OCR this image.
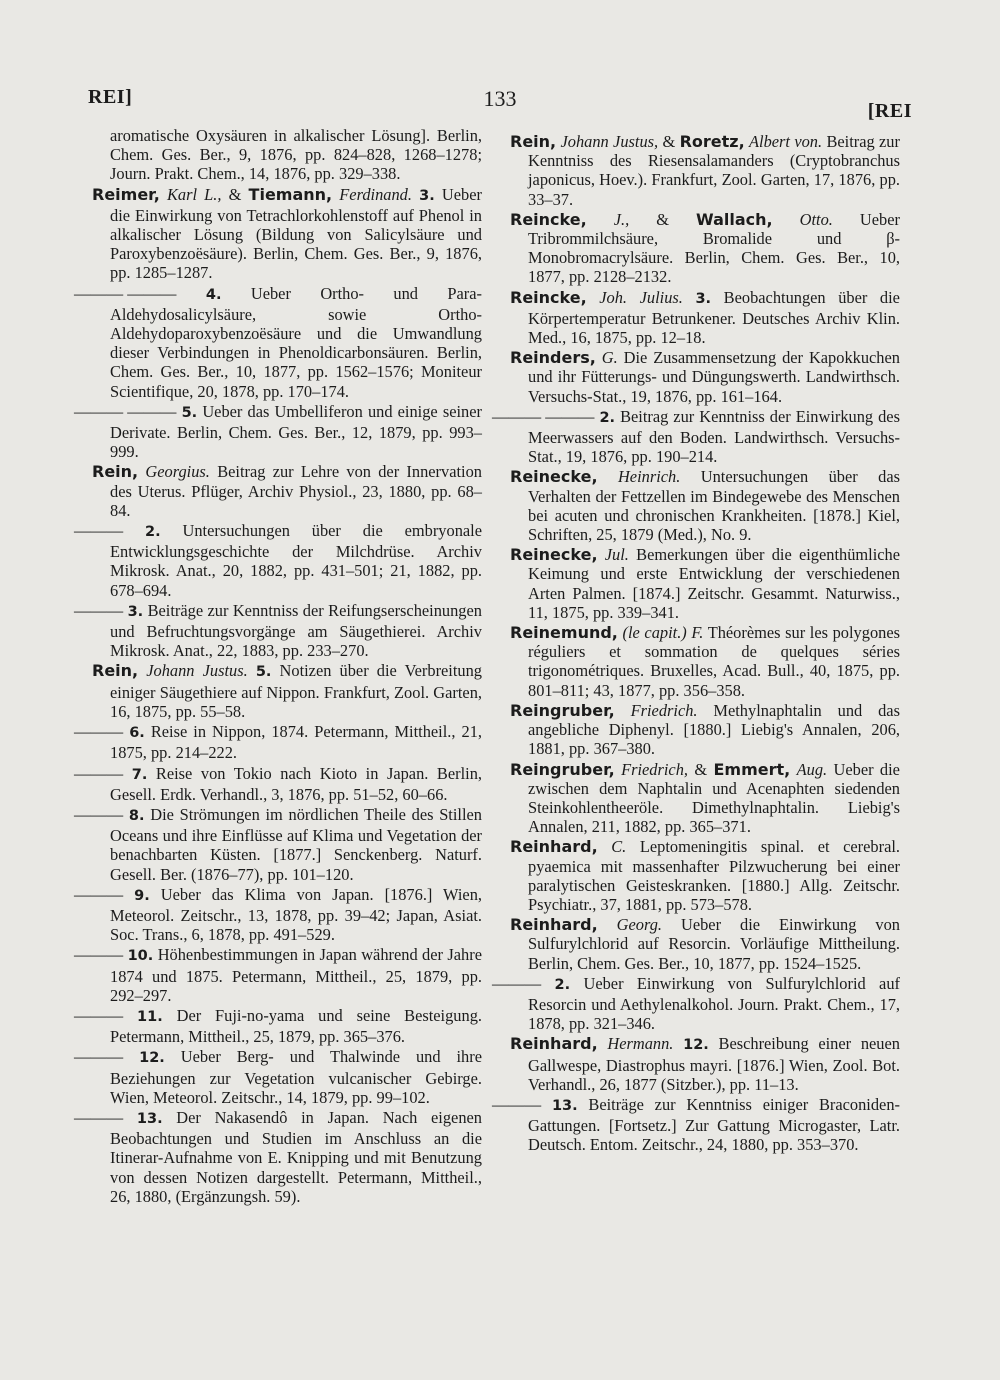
REI]	133	[REI
aromatische Oxysäuren in alkalischer Lösung]. Berlin, Chem. Ges. Ber., 9, 1876, pp. 824–828, 1268–1278; Journ. Prakt. Chem., 14, 1876, pp. 329–338.
Reimer, Karl L., & Tiemann, Ferdinand. 3. Ueber die Einwirkung von Tetrachlorkohlenstoff auf Phenol in alkalischer Lösung (Bildung von Salicylsäure und Paroxybenzoësäure). Berlin, Chem. Ges. Ber., 9, 1876, pp. 1285–1287.
——— ——— 4. Ueber Ortho- und Para-Aldehydosalicylsäure, sowie Ortho-Aldehydoparoxybenzoësäure und die Umwandlung dieser Verbindungen in Phenoldicarbonsäuren. Berlin, Chem. Ges. Ber., 10, 1877, pp. 1562–1576; Moniteur Scientifique, 20, 1878, pp. 170–174.
——— ——— 5. Ueber das Umbelliferon und einige seiner Derivate. Berlin, Chem. Ges. Ber., 12, 1879, pp. 993–999.
Rein, Georgius. Beitrag zur Lehre von der Innervation des Uterus. Pflüger, Archiv Physiol., 23, 1880, pp. 68–84.
——— 2. Untersuchungen über die embryonale Entwicklungsgeschichte der Milchdrüse. Archiv Mikrosk. Anat., 20, 1882, pp. 431–501; 21, 1882, pp. 678–694.
——— 3. Beiträge zur Kenntniss der Reifungserscheinungen und Befruchtungsvorgänge am Säugethierei. Archiv Mikrosk. Anat., 22, 1883, pp. 233–270.
Rein, Johann Justus. 5. Notizen über die Verbreitung einiger Säugethiere auf Nippon. Frankfurt, Zool. Garten, 16, 1875, pp. 55–58.
——— 6. Reise in Nippon, 1874. Petermann, Mittheil., 21, 1875, pp. 214–222.
——— 7. Reise von Tokio nach Kioto in Japan. Berlin, Gesell. Erdk. Verhandl., 3, 1876, pp. 51–52, 60–66.
——— 8. Die Strömungen im nördlichen Theile des Stillen Oceans und ihre Einflüsse auf Klima und Vegetation der benachbarten Küsten. [1877.] Senckenberg. Naturf. Gesell. Ber. (1876–77), pp. 101–120.
——— 9. Ueber das Klima von Japan. [1876.] Wien, Meteorol. Zeitschr., 13, 1878, pp. 39–42; Japan, Asiat. Soc. Trans., 6, 1878, pp. 491–529.
——— 10. Höhenbestimmungen in Japan während der Jahre 1874 und 1875. Petermann, Mittheil., 25, 1879, pp. 292–297.
——— 11. Der Fuji-no-yama und seine Besteigung. Petermann, Mittheil., 25, 1879, pp. 365–376.
——— 12. Ueber Berg- und Thalwinde und ihre Beziehungen zur Vegetation vulcanischer Gebirge. Wien, Meteorol. Zeitschr., 14, 1879, pp. 99–102.
——— 13. Der Nakasendô in Japan. Nach eigenen Beobachtungen und Studien im Anschluss an die Itinerar-Aufnahme von E. Knipping und mit Benutzung von dessen Notizen dargestellt. Petermann, Mittheil., 26, 1880, (Ergänzungsh. 59).
Rein, Johann Justus, & Roretz, Albert von. Beitrag zur Kenntniss des Riesensalamanders (Cryptobranchus japonicus, Hoev.). Frankfurt, Zool. Garten, 17, 1876, pp. 33–37.
Reincke, J., & Wallach, Otto. Ueber Tribrommilchsäure, Bromalide und β-Monobromacrylsäure. Berlin, Chem. Ges. Ber., 10, 1877, pp. 2128–2132.
Reincke, Joh. Julius. 3. Beobachtungen über die Körpertemperatur Betrunkener. Deutsches Archiv Klin. Med., 16, 1875, pp. 12–18.
Reinders, G. Die Zusammensetzung der Kapokkuchen und ihr Fütterungs- und Düngungswerth. Landwirthsch. Versuchs-Stat., 19, 1876, pp. 161–164.
——— ——— 2. Beitrag zur Kenntniss der Einwirkung des Meerwassers auf den Boden. Landwirthsch. Versuchs-Stat., 19, 1876, pp. 190–214.
Reinecke, Heinrich. Untersuchungen über das Verhalten der Fettzellen im Bindegewebe des Menschen bei acuten und chronischen Krankheiten. [1878.] Kiel, Schriften, 25, 1879 (Med.), No. 9.
Reinecke, Jul. Bemerkungen über die eigenthümliche Keimung und erste Entwicklung der verschiedenen Arten Palmen. [1874.] Zeitschr. Gesammt. Naturwiss., 11, 1875, pp. 339–341.
Reinemund, (le capit.) F. Théorèmes sur les polygones réguliers et sommation de quelques séries trigonométriques. Bruxelles, Acad. Bull., 40, 1875, pp. 801–811; 43, 1877, pp. 356–358.
Reingruber, Friedrich. Methylnaphtalin und das angebliche Diphenyl. [1880.] Liebig's Annalen, 206, 1881, pp. 367–380.
Reingruber, Friedrich, & Emmert, Aug. Ueber die zwischen dem Naphtalin und Acenaphten siedenden Steinkohlentheeröle. Dimethylnaphtalin. Liebig's Annalen, 211, 1882, pp. 365–371.
Reinhard, C. Leptomeningitis spinal. et cerebral. pyaemica mit massenhafter Pilzwucherung bei einer paralytischen Geisteskranken. [1880.] Allg. Zeitschr. Psychiatr., 37, 1881, pp. 573–578.
Reinhard, Georg. Ueber die Einwirkung von Sulfurylchlorid auf Resorcin. Vorläufige Mittheilung. Berlin, Chem. Ges. Ber., 10, 1877, pp. 1524–1525.
——— 2. Ueber Einwirkung von Sulfurylchlorid auf Resorcin und Aethylenalkohol. Journ. Prakt. Chem., 17, 1878, pp. 321–346.
Reinhard, Hermann. 12. Beschreibung einer neuen Gallwespe, Diastrophus mayri. [1876.] Wien, Zool. Bot. Verhandl., 26, 1877 (Sitzber.), pp. 11–13.
——— 13. Beiträge zur Kenntniss einiger Braconiden-Gattungen. [Fortsetz.] Zur Gattung Microgaster, Latr. Deutsch. Entom. Zeitschr., 24, 1880, pp. 353–370.
